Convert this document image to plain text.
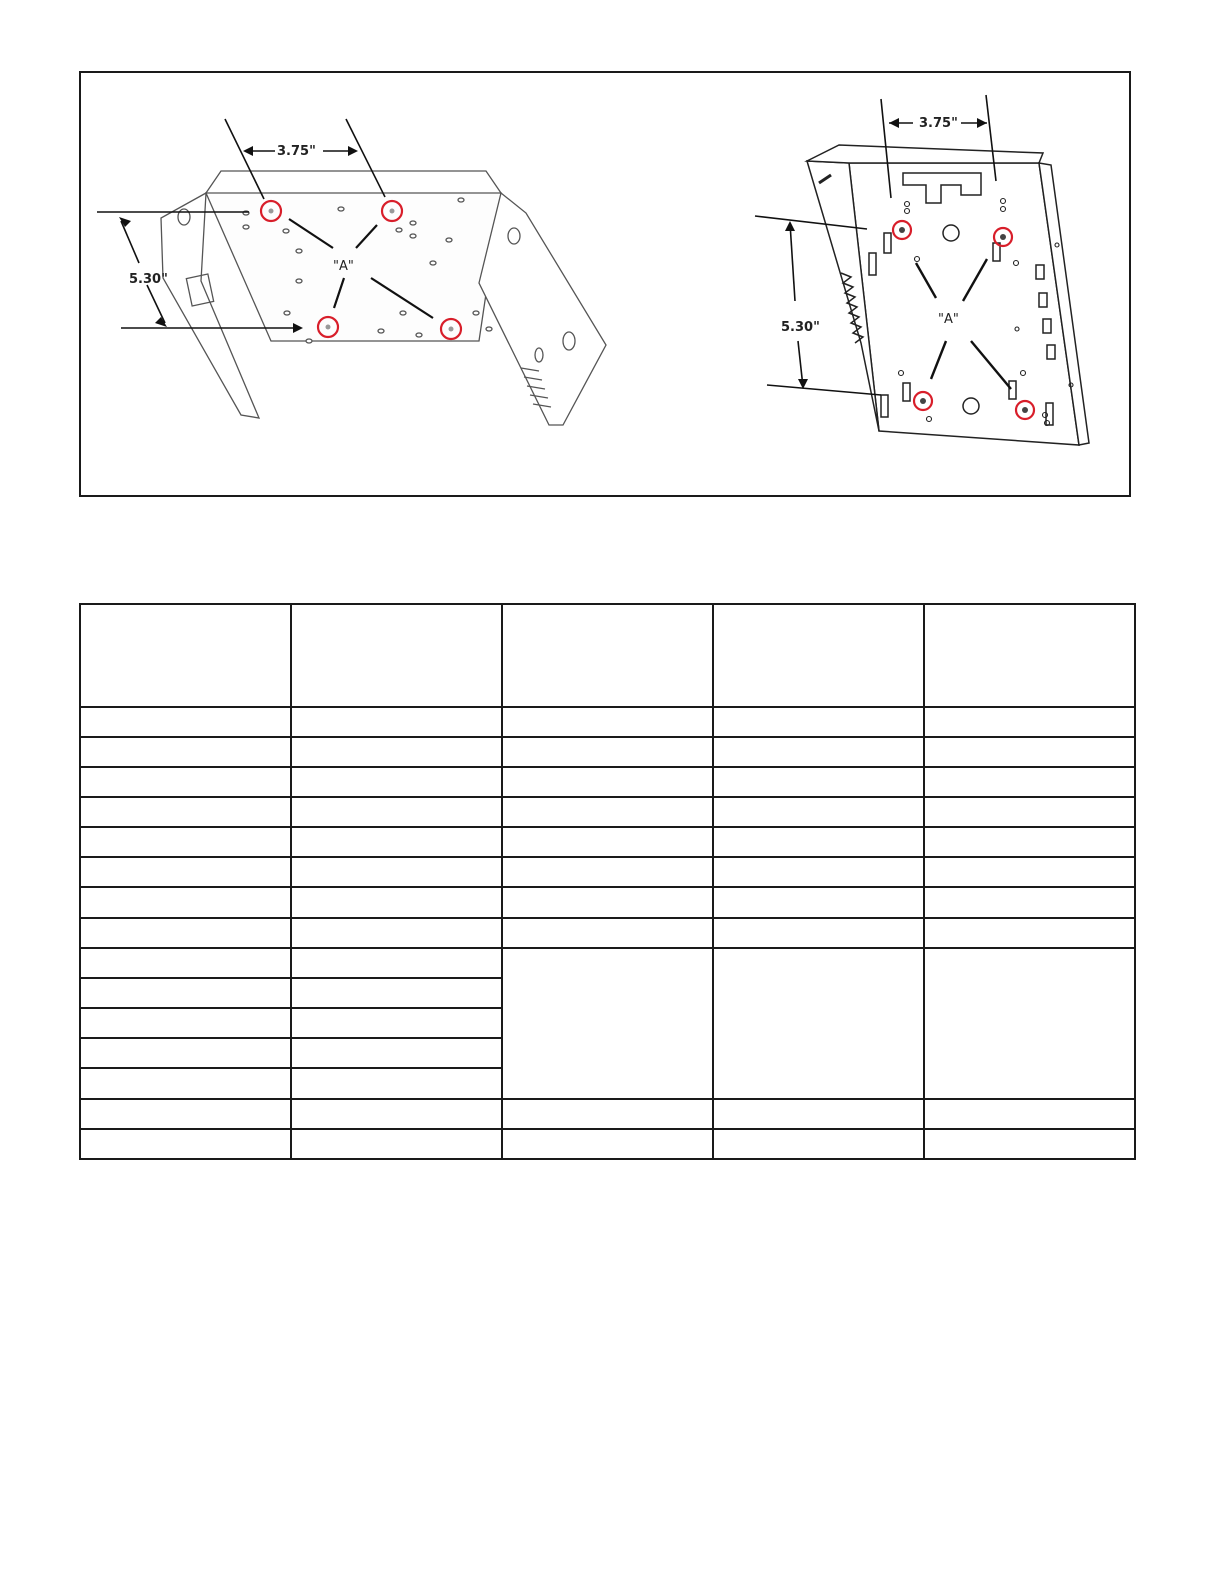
3.75"
5.30"
"A"
3.75"
5.30"
"A"
